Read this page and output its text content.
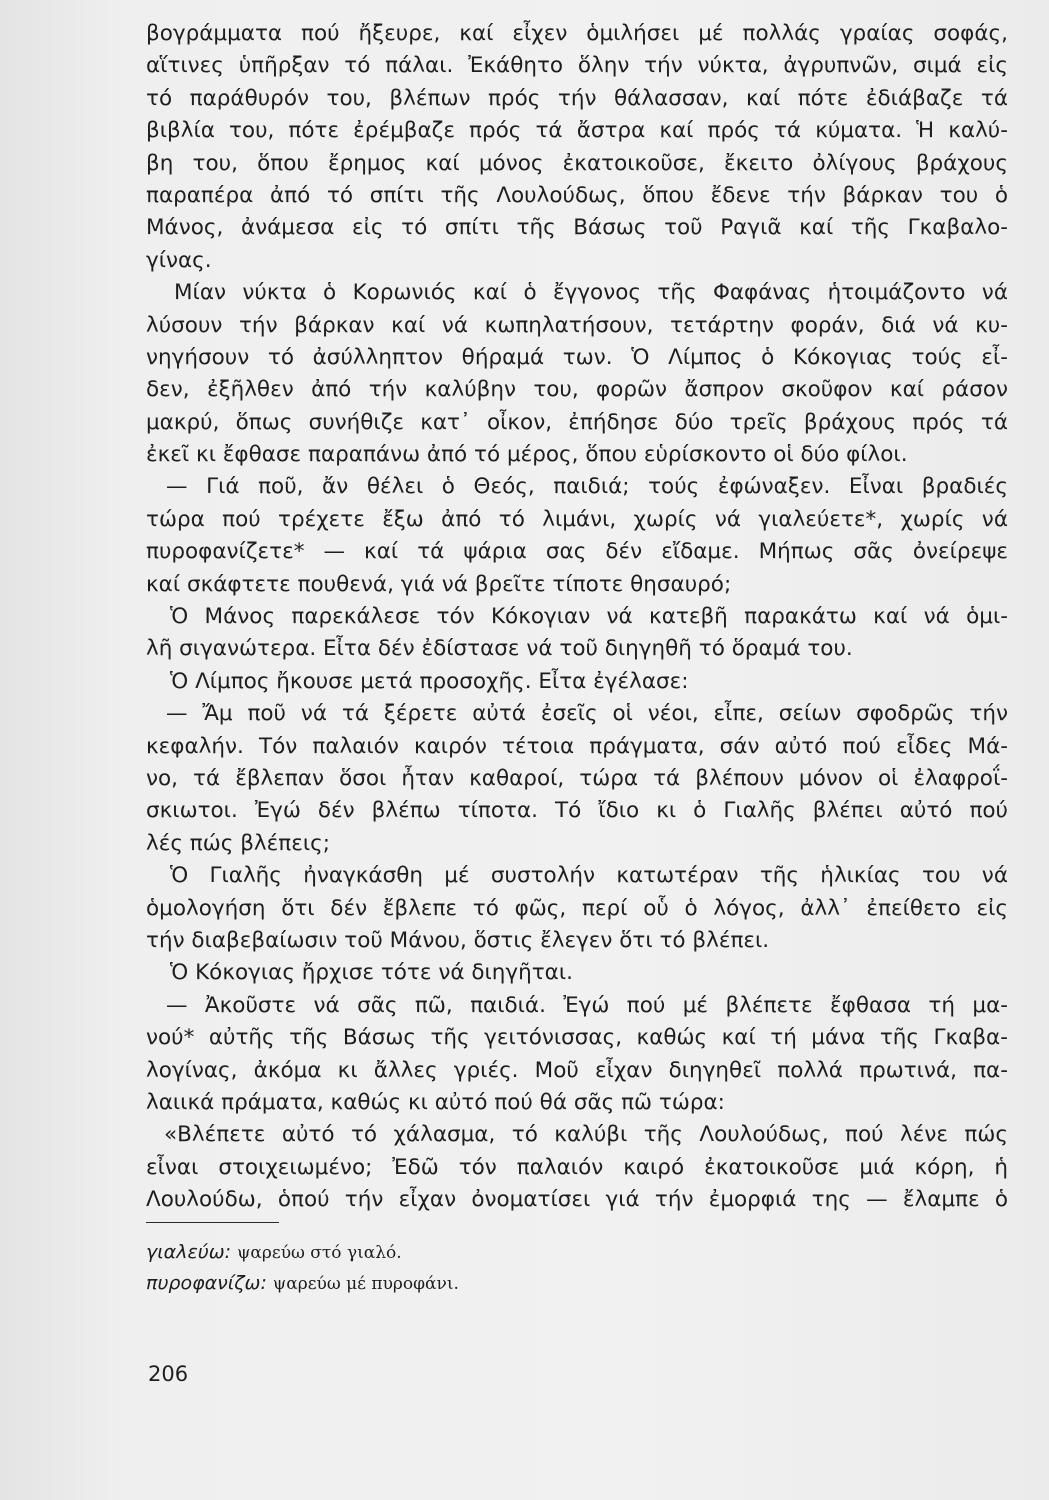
βογράμματα πού ἤξευρε, καί εἶχεν ὁμιλήσει μέ πολλάς γραίας σοφάς,
αἵτινες ὑπῆρξαν τό πάλαι. Ἐκάθητο ὅλην τήν νύκτα, ἀγρυπνῶν, σιμά εἰς
τό παράθυρόν του, βλέπων πρός τήν θάλασσαν, καί πότε ἐδιάβαζε τά
βιβλία του, πότε ἐρέμβαζε πρός τά ἄστρα καί πρός τά κύματα. Ἡ καλύ-
βη του, ὅπου ἔρημος καί μόνος ἐκατοικοῦσε, ἔκειτο ὀλίγους βράχους
παραπέρα ἀπό τό σπίτι τῆς Λουλούδως, ὅπου ἔδενε τήν βάρκαν του ὁ
Μάνος, ἀνάμεσα εἰς τό σπίτι τῆς Βάσως τοῦ Ραγιᾶ καί τῆς Γκαβαλο-
γίνας.
Μίαν νύκτα ὁ Κορωνιός καί ὁ ἔγγονος τῆς Φαφάνας ἡτοιμάζοντο νά
λύσουν τήν βάρκαν καί νά κωπηλατήσουν, τετάρτην φοράν, διά νά κυ-
νηγήσουν τό ἀσύλληπτον θήραμά των. Ὁ Λίμπος ὁ Κόκογιας τούς εἶ-
δεν, ἐξῆλθεν ἀπό τήν καλύβην του, φορῶν ἄσπρον σκοῦφον καί ράσον
μακρύ, ὅπως συνήθιζε κατ᾽ οἶκον, ἐπήδησε δύο τρεῖς βράχους πρός τά
ἐκεῖ κι ἔφθασε παραπάνω ἀπό τό μέρος, ὅπου εὑρίσκοντο οἱ δύο φίλοι.
— Γιά ποῦ, ἄν θέλει ὁ Θεός, παιδιά; τούς ἐφώναξεν. Εἶναι βραδιές
τώρα πού τρέχετε ἔξω ἀπό τό λιμάνι, χωρίς νά γιαλεύετε*, χωρίς νά
πυροφανίζετε* — καί τά ψάρια σας δέν εἴδαμε. Μήπως σᾶς ὀνείρεψε
καί σκάφτετε πουθενά, γιά νά βρεῖτε τίποτε θησαυρό;
Ὁ Μάνος παρεκάλεσε τόν Κόκογιαν νά κατεβῆ παρακάτω καί νά ὁμι-
λῆ σιγανώτερα. Εἶτα δέν ἐδίστασε νά τοῦ διηγηθῆ τό ὅραμά του.
Ὁ Λίμπος ἤκουσε μετά προσοχῆς. Εἶτα ἐγέλασε:
— Ἄμ ποῦ νά τά ξέρετε αὐτά ἐσεῖς οἱ νέοι, εἶπε, σείων σφοδρῶς τήν
κεφαλήν. Τόν παλαιόν καιρόν τέτοια πράγματα, σάν αὐτό πού εἶδες Μά-
νο, τά ἔβλεπαν ὅσοι ἦταν καθαροί, τώρα τά βλέπουν μόνον οἱ ἐλαφροΐ-
σκιωτοι. Ἐγώ δέν βλέπω τίποτα. Τό ἴδιο κι ὁ Γιαλῆς βλέπει αὐτό πού
λές πώς βλέπεις;
Ὁ Γιαλῆς ἠναγκάσθη μέ συστολήν κατωτέραν τῆς ἡλικίας του νά
ὁμολογήση ὅτι δέν ἔβλεπε τό φῶς, περί οὗ ὁ λόγος, ἀλλ᾽ ἐπείθετο εἰς
τήν διαβεβαίωσιν τοῦ Μάνου, ὅστις ἔλεγεν ὅτι τό βλέπει.
Ὁ Κόκογιας ἤρχισε τότε νά διηγῆται.
— Ἀκοῦστε νά σᾶς πῶ, παιδιά. Ἐγώ πού μέ βλέπετε ἔφθασα τή μα-
νού* αὐτῆς τῆς Βάσως τῆς γειτόνισσας, καθώς καί τή μάνα τῆς Γκαβα-
λογίνας, ἀκόμα κι ἄλλες γριές. Μοῦ εἶχαν διηγηθεῖ πολλά πρωτινά, πα-
λαιικά πράματα, καθώς κι αὐτό πού θά σᾶς πῶ τώρα:
«Βλέπετε αὐτό τό χάλασμα, τό καλύβι τῆς Λουλούδως, πού λένε πώς
εἶναι στοιχειωμένο; Ἐδῶ τόν παλαιόν καιρό ἐκατοικοῦσε μιά κόρη, ἡ
Λουλούδω, ὁπού τήν εἶχαν ὀνοματίσει γιά τήν ἐμορφιά της — ἔλαμπε ὁ
γιαλεύω: ψαρεύω στό γιαλό.
πυροφανίζω: ψαρεύω μέ πυροφάνι.
206
